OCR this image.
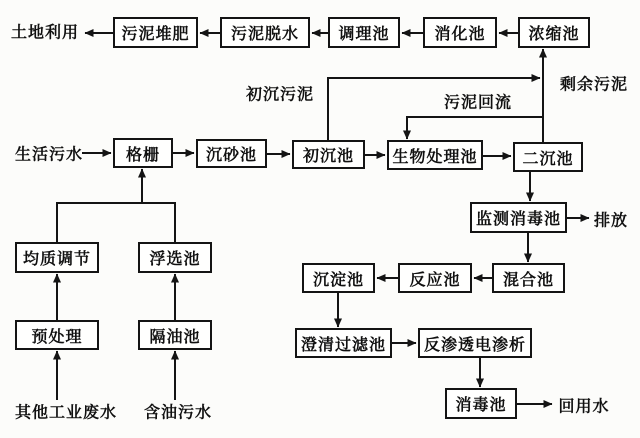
污泥堆肥	污泥脱水 调理池	消化池	浓缩池
格栅	沉砂池	初沉池 生物处理池	二沉池
监测消毒池
混合池
反应池
沉淀池
澄清过滤池 反渗透电渗析
消毒池
均质调节	浮选池
预处理	隔油池
土地利用
生活污水
初沉污泥	污泥回流
剩余污泥
排放
回用水
其他工业废水 含油污水
